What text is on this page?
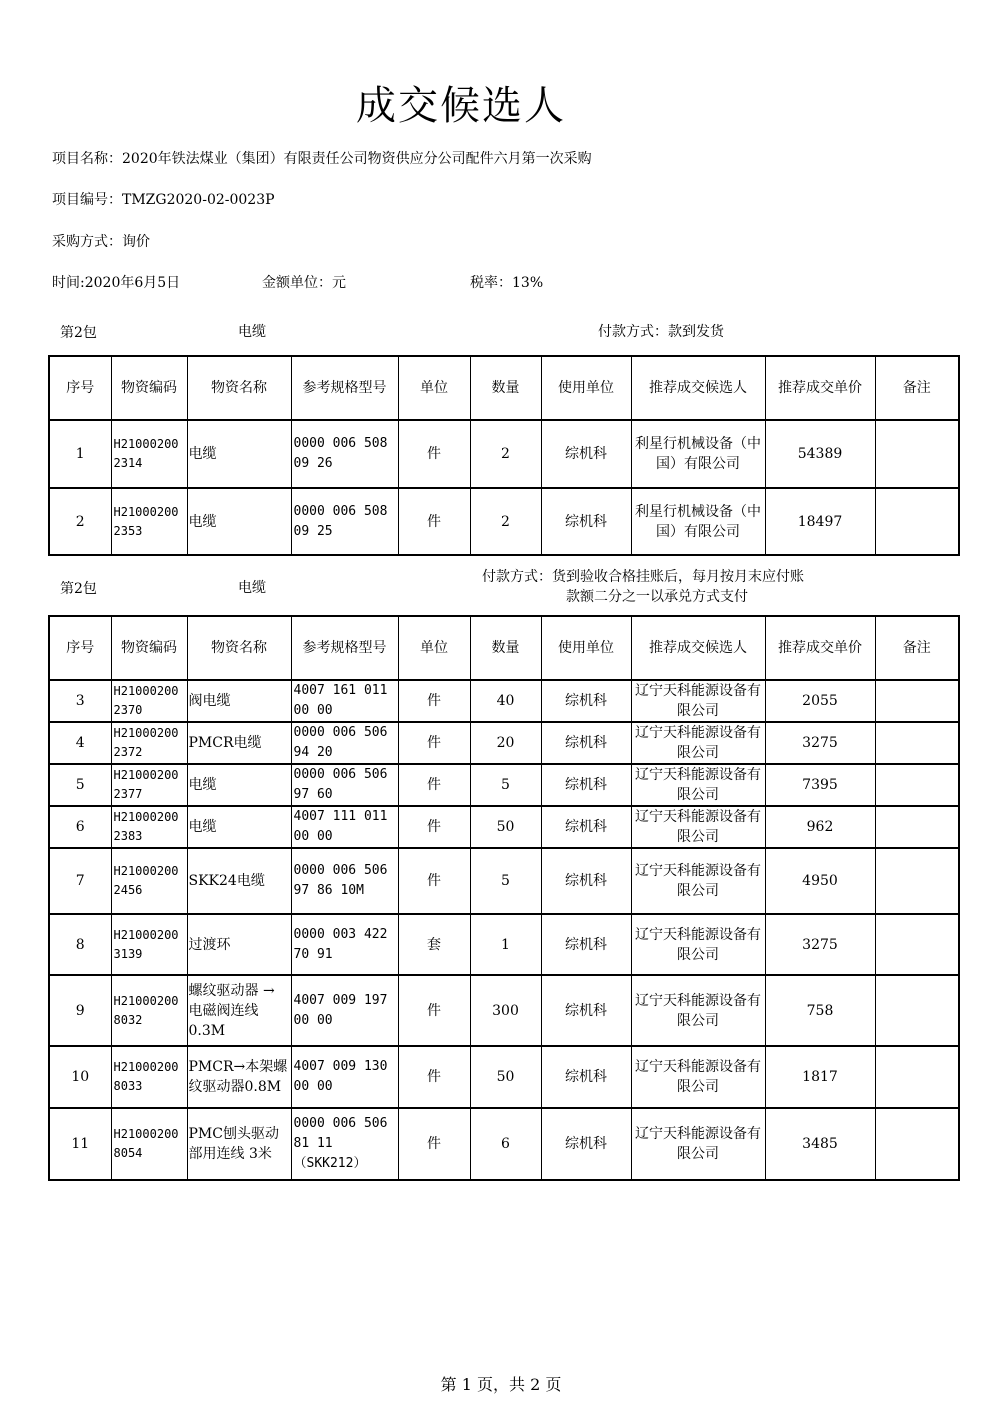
成交候选人
项目名称：2020年铁法煤业（集团）有限责任公司物资供应分公司配件六月第一次采购
项目编号：TMZG2020-02-0023P
采购方式：询价
时间:2020年6月5日	金额单位：元	税率：13%
第2包	电缆	付款方式：款到发货
序号	物资编码	物资名称	参考规格型号	单位	数量	使用单位	推荐成交候选人	推荐成交单价	备注
1	H210002002314	电缆	0000 006 508 09 26	件	2	综机科	利星行机械设备（中国）有限公司	54389	
2	H210002002353	电缆	0000 006 508 09 25	件	2	综机科	利星行机械设备（中国）有限公司	18497	
第2包	电缆
付款方式：货到验收合格挂账后，每月按月末应付账
款额二分之一以承兑方式支付
序号	物资编码	物资名称	参考规格型号	单位	数量	使用单位	推荐成交候选人	推荐成交单价	备注
3	H210002002370	阀电缆	4007 161 011 00 00	件	40	综机科	辽宁天科能源设备有限公司	2055	
4	H210002002372	PMCR电缆	0000 006 506 94 20	件	20	综机科	辽宁天科能源设备有限公司	3275	
5	H210002002377	电缆	0000 006 506 97 60	件	5	综机科	辽宁天科能源设备有限公司	7395	
6	H210002002383	电缆	4007 111 011 00 00	件	50	综机科	辽宁天科能源设备有限公司	962	
7	H210002002456	SKK24电缆	0000 006 506 97 86 10M	件	5	综机科	辽宁天科能源设备有限公司	4950	
8	H210002003139	过渡环	0000 003 422 70 91	套	1	综机科	辽宁天科能源设备有限公司	3275	
9	H210002008032	螺纹驱动器 → 电磁阀连线0.3M	4007 009 197 00 00	件	300	综机科	辽宁天科能源设备有限公司	758	
10	H210002008033	PMCR→本架螺纹驱动器0.8M	4007 009 130 00 00	件	50	综机科	辽宁天科能源设备有限公司	1817	
11	H210002008054	PMC刨头驱动部用连线 3米	0000 006 506 81 11 （SKK212）	件	6	综机科	辽宁天科能源设备有限公司	3485	
第 1 页，共 2 页
